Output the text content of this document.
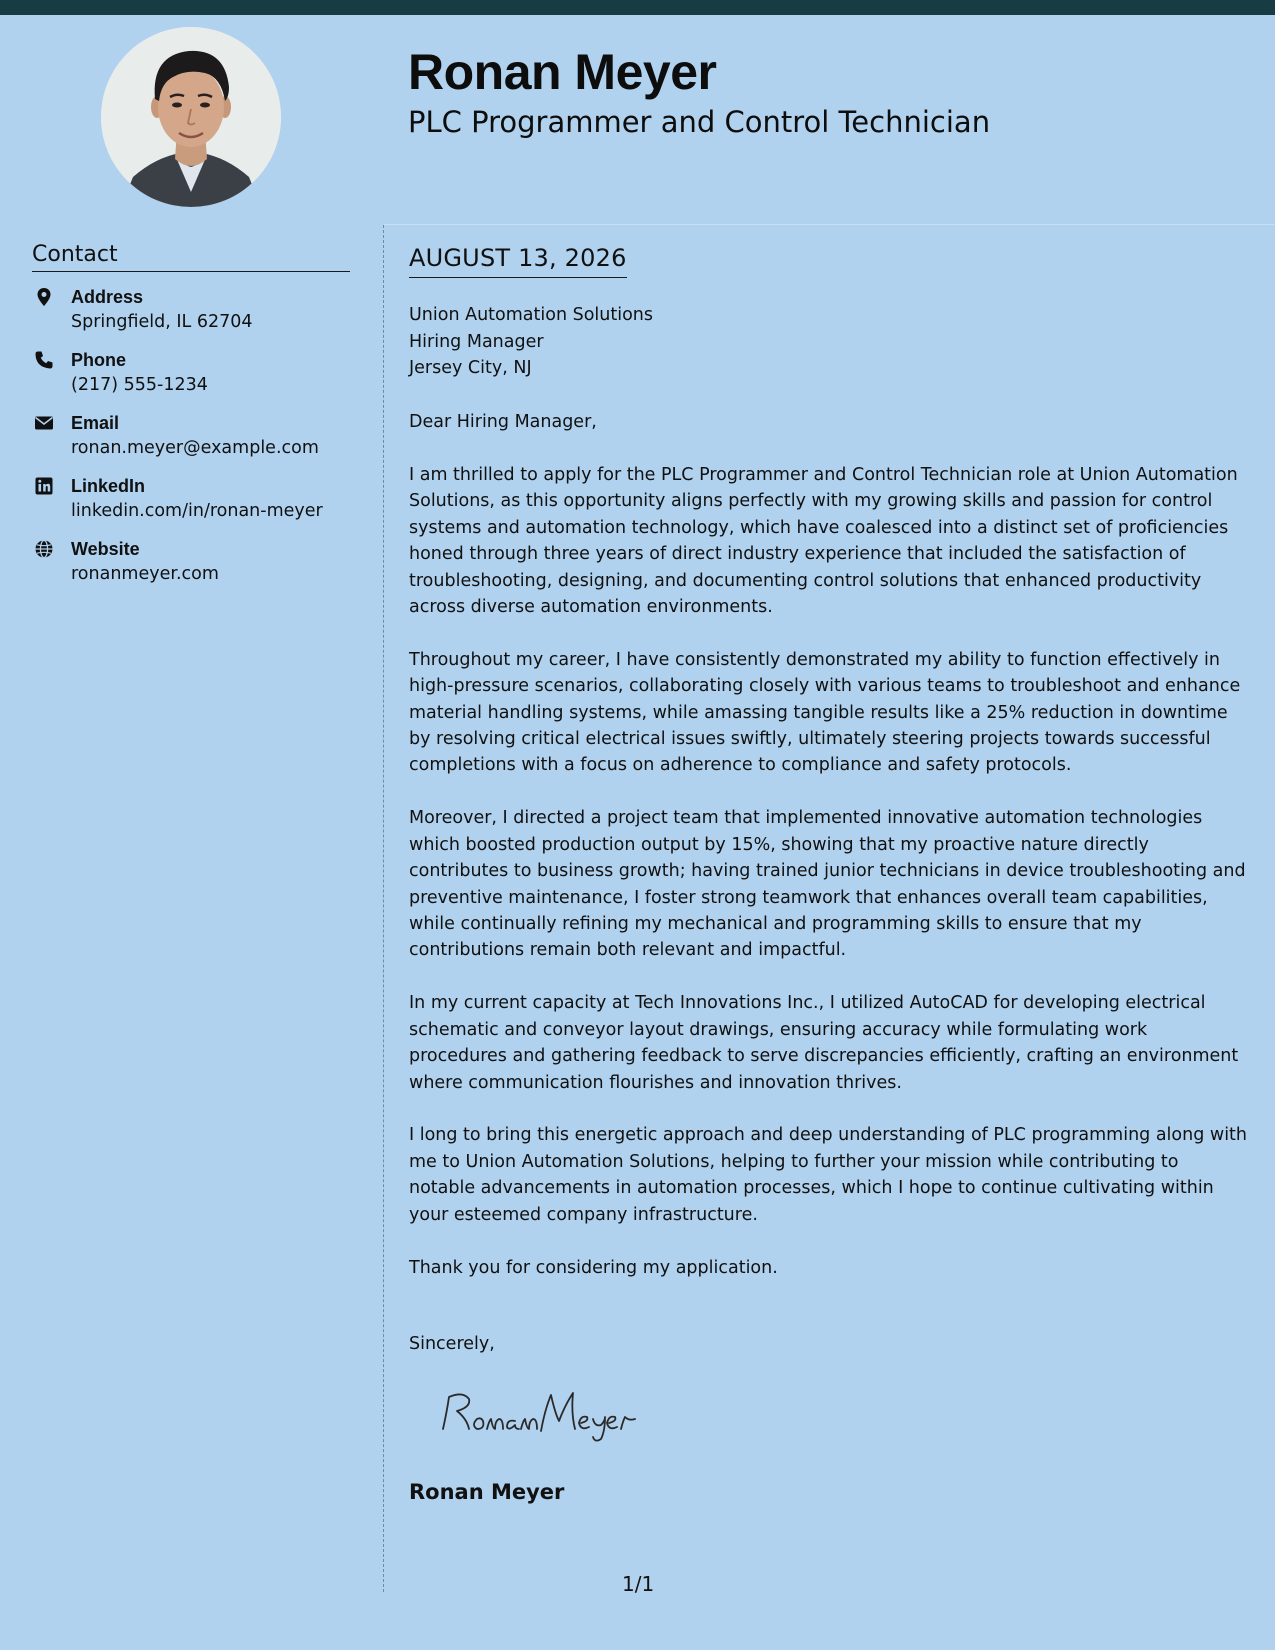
Ronan Meyer
PLC Programmer and Control Technician
Contact
Address
Springfield, IL 62704
Phone
(217) 555-1234
Email
ronan.meyer@example.com
LinkedIn
linkedin.com/in/ronan-meyer
Website
ronanmeyer.com
AUGUST 13, 2026
Union Automation Solutions
Hiring Manager
Jersey City, NJ

Dear Hiring Manager,

I am thrilled to apply for the PLC Programmer and Control Technician role at Union Automation Solutions, as this opportunity aligns perfectly with my growing skills and passion for control systems and automation technology, which have coalesced into a distinct set of proficiencies honed through three years of direct industry experience that included the satisfaction of troubleshooting, designing, and documenting control solutions that enhanced productivity across diverse automation environments.

Throughout my career, I have consistently demonstrated my ability to function effectively in high-pressure scenarios, collaborating closely with various teams to troubleshoot and enhance material handling systems, while amassing tangible results like a 25% reduction in downtime by resolving critical electrical issues swiftly, ultimately steering projects towards successful completions with a focus on adherence to compliance and safety protocols.

Moreover, I directed a project team that implemented innovative automation technologies which boosted production output by 15%, showing that my proactive nature directly contributes to business growth; having trained junior technicians in device troubleshooting and preventive maintenance, I foster strong teamwork that enhances overall team capabilities, while continually refining my mechanical and programming skills to ensure that my contributions remain both relevant and impactful.

In my current capacity at Tech Innovations Inc., I utilized AutoCAD for developing electrical schematic and conveyor layout drawings, ensuring accuracy while formulating work procedures and gathering feedback to serve discrepancies efficiently, crafting an environment where communication flourishes and innovation thrives.

I long to bring this energetic approach and deep understanding of PLC programming along with me to Union Automation Solutions, helping to further your mission while contributing to notable advancements in automation processes, which I hope to continue cultivating within your esteemed company infrastructure.

Thank you for considering my application.

Sincerely,
Ronan Meyer
1/1
